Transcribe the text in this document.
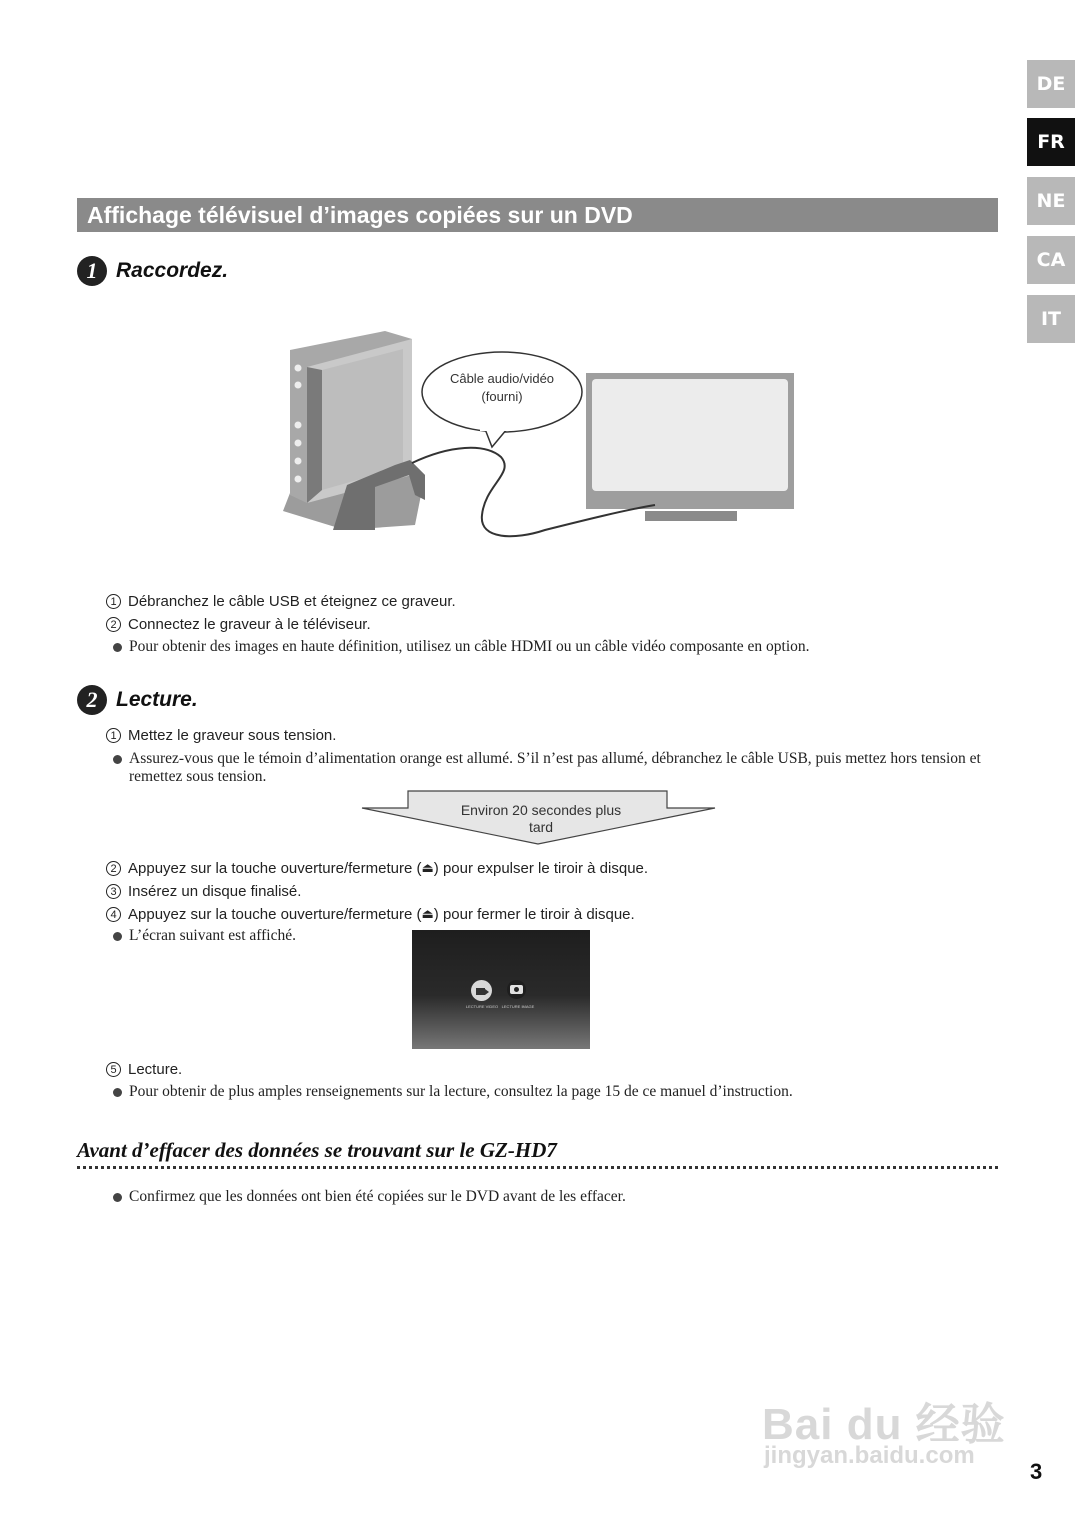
DE
FR
NE
CA
IT
Affichage télévisuel d’images copiées sur un DVD
1 Raccordez.
Câble audio/vidéo
(fourni)
1 Débranchez le câble USB et éteignez ce graveur.
2 Connectez le graveur à le téléviseur.
Pour obtenir des images en haute définition, utilisez un câble HDMI ou un câble vidéo composante en option.
2 Lecture.
1 Mettez le graveur sous tension.
Assurez-vous que le témoin d’alimentation orange est allumé. S’il n’est pas allumé, débranchez le câble USB, puis mettez hors tension et remettez sous tension.
Environ 20 secondes plus
tard
2 Appuyez sur la touche ouverture/fermeture ( ⏏ ) pour expulser le tiroir à disque.
3 Insérez un disque finalisé.
4 Appuyez sur la touche ouverture/fermeture ( ⏏ ) pour fermer le tiroir à disque.
L’écran suivant est affiché.
LECTURE VIDEO LECTURE IMAGE
5 Lecture.
Pour obtenir de plus amples renseignements sur la lecture, consultez la page 15 de ce manuel d’instruction.
Avant d’effacer des données se trouvant sur le GZ-HD7
Confirmez que les données ont bien été copiées sur le DVD avant de les effacer.
Bai du 经验
jingyan.baidu.com
3
